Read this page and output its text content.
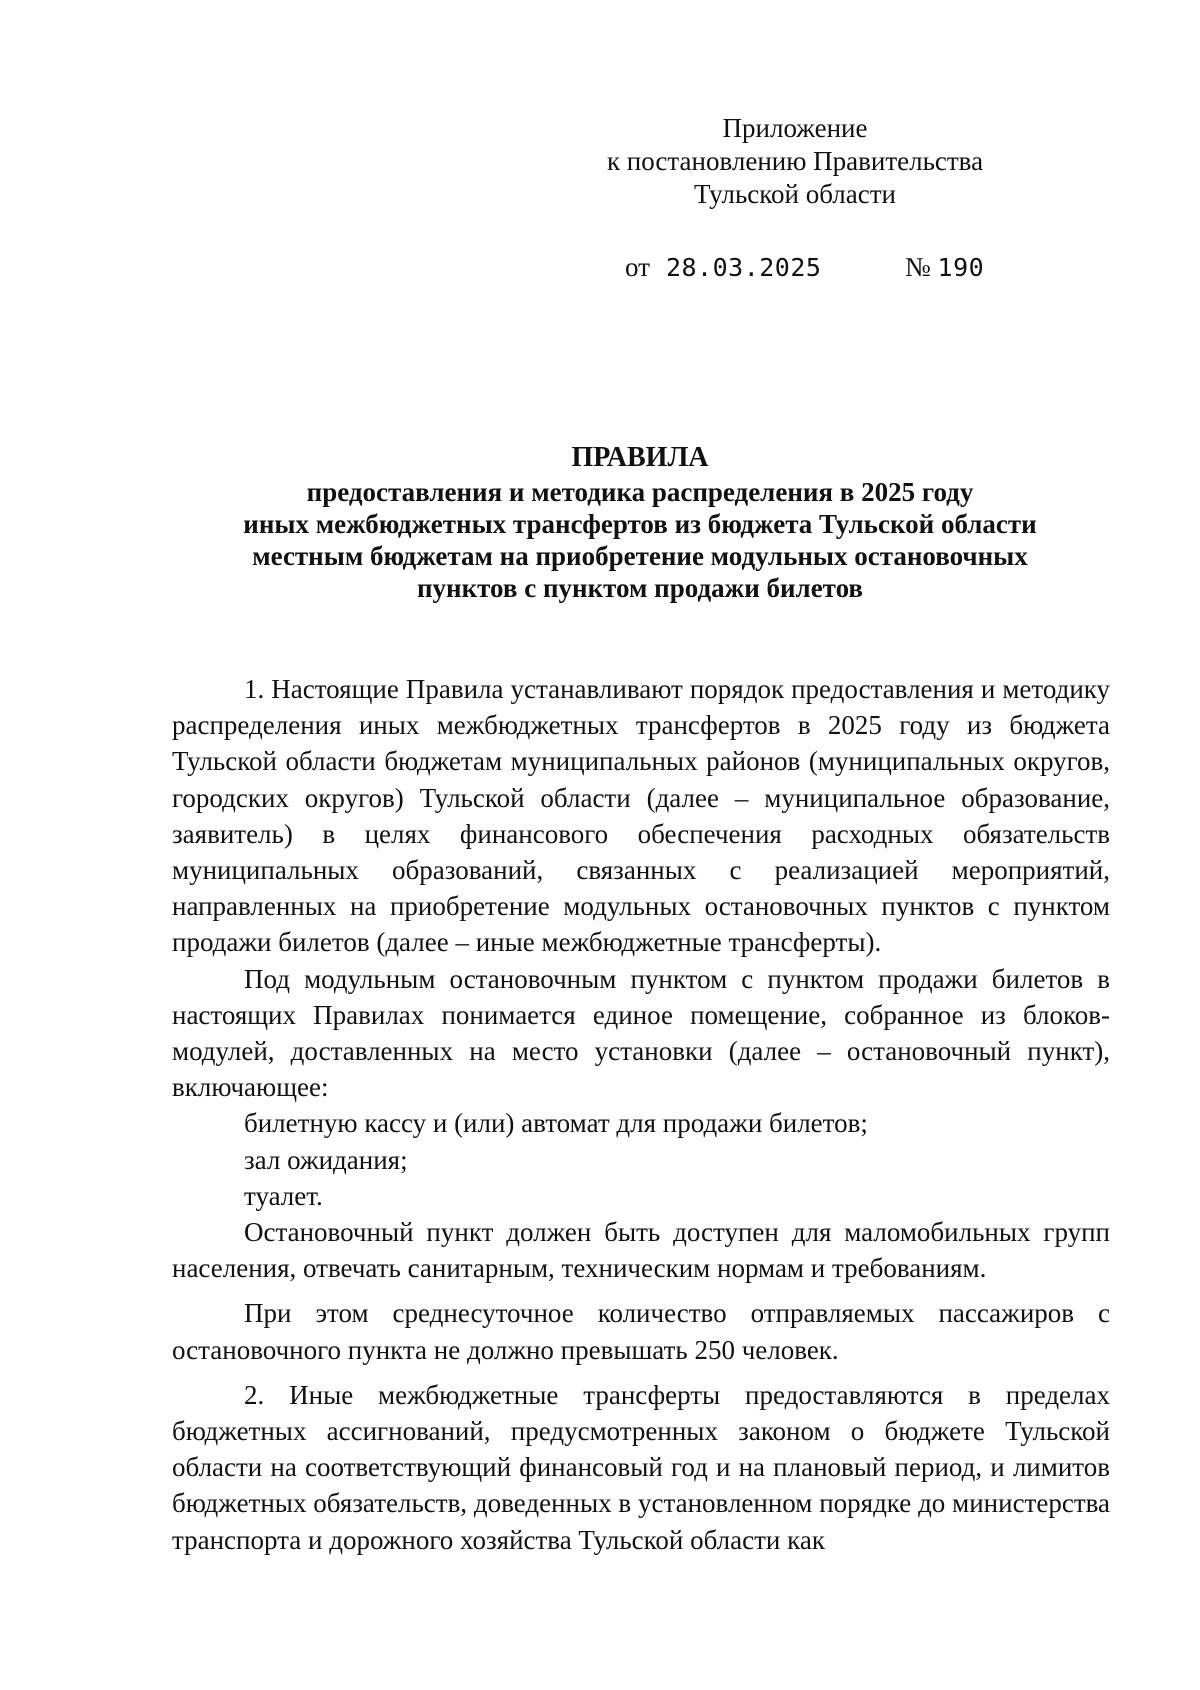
Приложение
к постановлению Правительства
Тульской области
от 28.03.2025	№ 190
ПРАВИЛА
предоставления и методика распределения в 2025 году
иных межбюджетных трансфертов из бюджета Тульской области
местным бюджетам на приобретение модульных остановочных
пунктов с пунктом продажи билетов

1. Настоящие Правила устанавливают порядок предоставления и методику распределения иных межбюджетных трансфертов в 2025 году из бюджета Тульской области бюджетам муниципальных районов (муниципальных округов, городских округов) Тульской области (далее – муниципальное образование, заявитель) в целях финансового обеспечения расходных обязательств муниципальных образований, связанных с реализацией мероприятий, направленных на приобретение модульных остановочных пунктов с пунктом продажи билетов (далее – иные межбюджетные трансферты).

Под модульным остановочным пунктом с пунктом продажи билетов в настоящих Правилах понимается единое помещение, собранное из блоков-модулей, доставленных на место установки (далее – остановочный пункт), включающее:

билетную кассу и (или) автомат для продажи билетов;

зал ожидания;

туалет.

Остановочный пункт должен быть доступен для маломобильных групп населения, отвечать санитарным, техническим нормам и требованиям.

При этом среднесуточное количество отправляемых пассажиров с остановочного пункта не должно превышать 250 человек.

2. Иные межбюджетные трансферты предоставляются в пределах бюджетных ассигнований, предусмотренных законом о бюджете Тульской области на соответствующий финансовый год и на плановый период, и лимитов бюджетных обязательств, доведенных в установленном порядке до министерства транспорта и дорожного хозяйства Тульской области как
